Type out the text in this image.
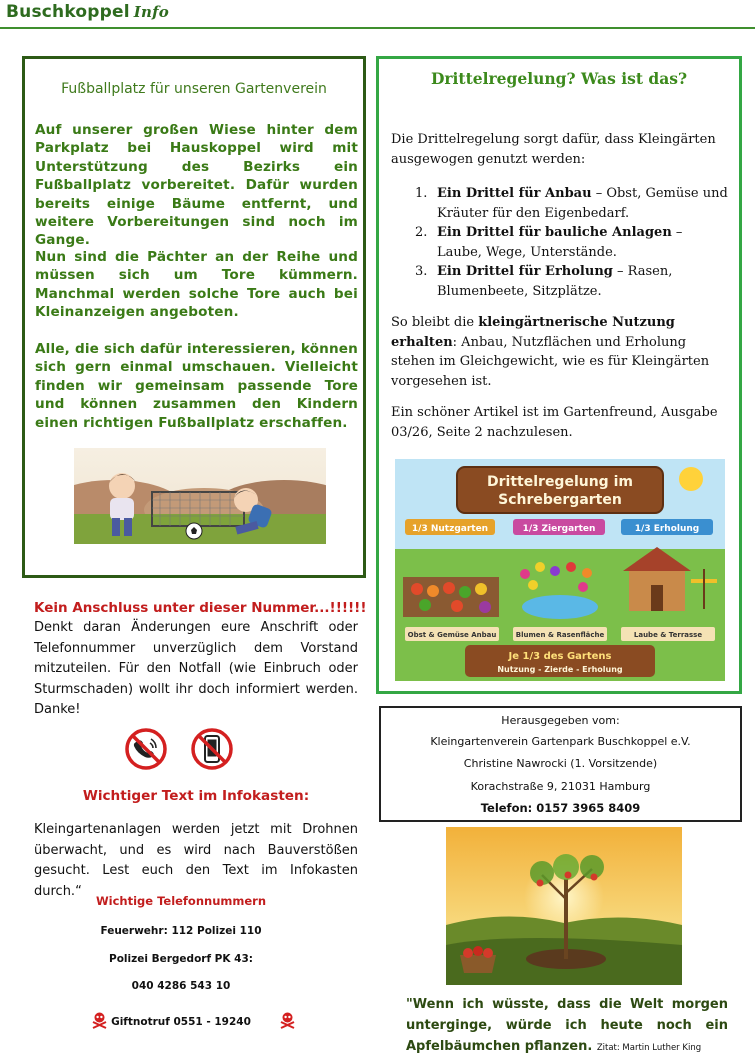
Buschkoppel Info
Fußballplatz für unseren Gartenverein
Auf unserer großen Wiese hinter dem Parkplatz bei Hauskoppel wird mit Unterstützung des Bezirks ein Fußballplatz vorbereitet. Dafür wurden bereits einige Bäume entfernt, und weitere Vorbereitungen sind noch im Gange.
Nun sind die Pächter an der Reihe und müssen sich um Tore kümmern. Manchmal werden solche Tore auch bei Kleinanzeigen angeboten.
Alle, die sich dafür interessieren, können sich gern einmal umschauen. Vielleicht finden wir gemeinsam passende Tore und können zusammen den Kindern einen richtigen Fußballplatz erschaffen.
Kein Anschluss unter dieser Nummer...!!!!!!
Denkt daran Änderungen eure Anschrift oder Telefonnummer unverzüglich dem Vorstand mitzuteilen. Für den Notfall (wie Einbruch oder Sturmschaden) wollt ihr doch informiert werden. Danke!
Wichtiger Text im Infokasten:
Kleingartenanlagen werden jetzt mit Drohnen überwacht, und es wird nach Bauverstößen gesucht. Lest euch den Text im Infokasten durch.“
Wichtige Telefonnummern
Feuerwehr: 112 Polizei 110
Polizei Bergedorf PK 43:
040 4286 543 10
Giftnotruf 0551 - 19240
Drittelregelung? Was ist das?
Die Drittelregelung sorgt dafür, dass Kleingärten ausgewogen genutzt werden:
1. Ein Drittel für Anbau – Obst, Gemüse und Kräuter für den Eigenbedarf.
2. Ein Drittel für bauliche Anlagen – Laube, Wege, Unterstände.
3. Ein Drittel für Erholung – Rasen, Blumenbeete, Sitzplätze.
So bleibt die kleingärtnerische Nutzung erhalten: Anbau, Nutzflächen und Erholung stehen im Gleichgewicht, wie es für Kleingärten vorgesehen ist.
Ein schöner Artikel ist im Gartenfreund, Ausgabe 03/26, Seite 2 nachzulesen.
Drittelregelung im
Schrebergarten
1/3 Nutzgarten	1/3 Ziergarten	1/3 Erholung
Obst & Gemüse Anbau	Blumen & Rasenfläche	Laube & Terrasse
Je 1/3 des Gartens
Nutzung - Zierde - Erholung
Herausgegeben vom:
Kleingartenverein Gartenpark Buschkoppel e.V.
Christine Nawrocki (1. Vorsitzende)
Korachstraße 9, 21031 Hamburg
Telefon: 0157 3965 8409
"Wenn ich wüsste, dass die Welt morgen unterginge, würde ich heute noch ein Apfelbäumchen pflanzen. Zitat: Martin Luther King
